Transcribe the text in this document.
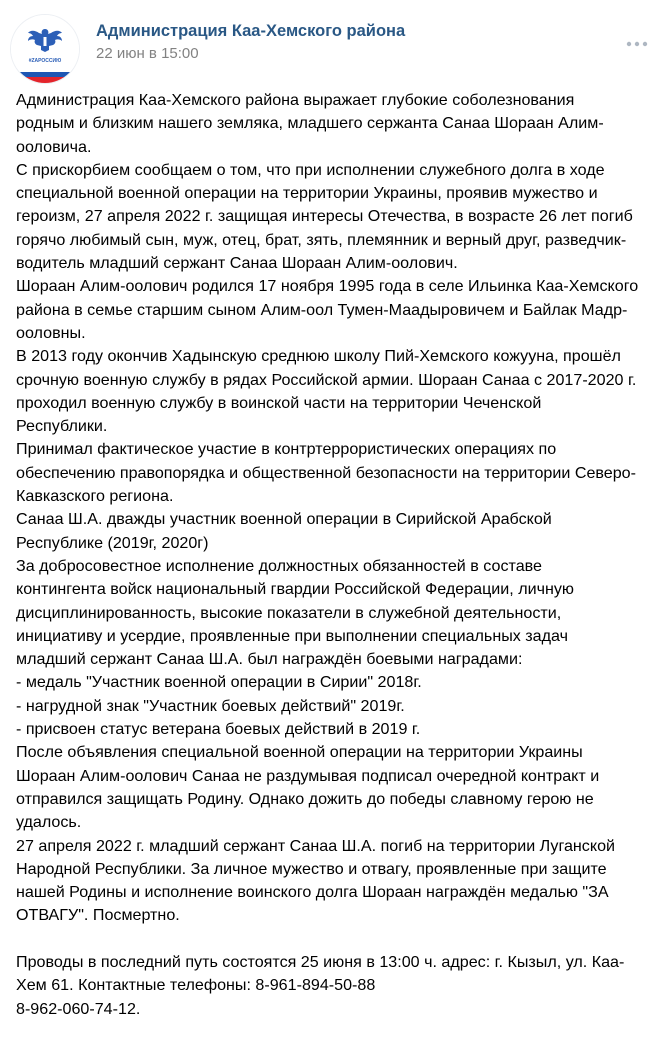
#ZAРОССИЮ
Администрация Каа-Хемского района
22 июн в 15:00
Администрация Каа-Хемского района выражает глубокие соболезнования
родным и близким нашего земляка, младшего сержанта Санаа Шораан Алим-
ооловича.
С прискорбием сообщаем о том, что при исполнении служебного долга в ходе
специальной военной операции на территории Украины, проявив мужество и
героизм, 27 апреля 2022 г. защищая интересы Отечества, в возрасте 26 лет погиб
горячо любимый сын, муж, отец, брат, зять, племянник и верный друг, разведчик-
водитель младший сержант Санаа Шораан Алим-оолович.
Шораан Алим-оолович родился 17 ноября 1995 года в селе Ильинка Каа-Хемского
района в семье старшим сыном Алим-оол Тумен-Маадыровичем и Байлак Мадр-
ооловны.
В 2013 году окончив Хадынскую среднюю школу Пий-Хемского кожууна, прошёл
срочную военную службу в рядах Российской армии. Шораан Санаа с 2017-2020 г.
проходил военную службу в воинской части на территории Чеченской
Республики.
Принимал фактическое участие в контртеррористических операциях по
обеспечению правопорядка и общественной безопасности на территории Северо-
Кавказского региона.
Санаа Ш.А. дважды участник военной операции в Сирийской Арабской
Республике (2019г, 2020г)
За добросовестное исполнение должностных обязанностей в составе
контингента войск национальный гвардии Российской Федерации, личную
дисциплинированность, высокие показатели в служебной деятельности,
инициативу и усердие, проявленные при выполнении специальных задач
младший сержант Санаа Ш.А. был награждён боевыми наградами:
- медаль "Участник военной операции в Сирии" 2018г.
- нагрудной знак "Участник боевых действий" 2019г.
- присвоен статус ветерана боевых действий в 2019 г.
После объявления специальной военной операции на территории Украины
Шораан Алим-оолович Санаа не раздумывая подписал очередной контракт и
отправился защищать Родину. Однако дожить до победы славному герою не
удалось.
27 апреля 2022 г. младший сержант Санаа Ш.А. погиб на территории Луганской
Народной Республики. За личное мужество и отвагу, проявленные при защите
нашей Родины и исполнение воинского долга Шораан награждён медалью "ЗА
ОТВАГУ". Посмертно.
Проводы в последний путь состоятся 25 июня в 13:00 ч. адрес: г. Кызыл, ул. Каа-
Хем 61. Контактные телефоны: 8-961-894-50-88
8-962-060-74-12.
